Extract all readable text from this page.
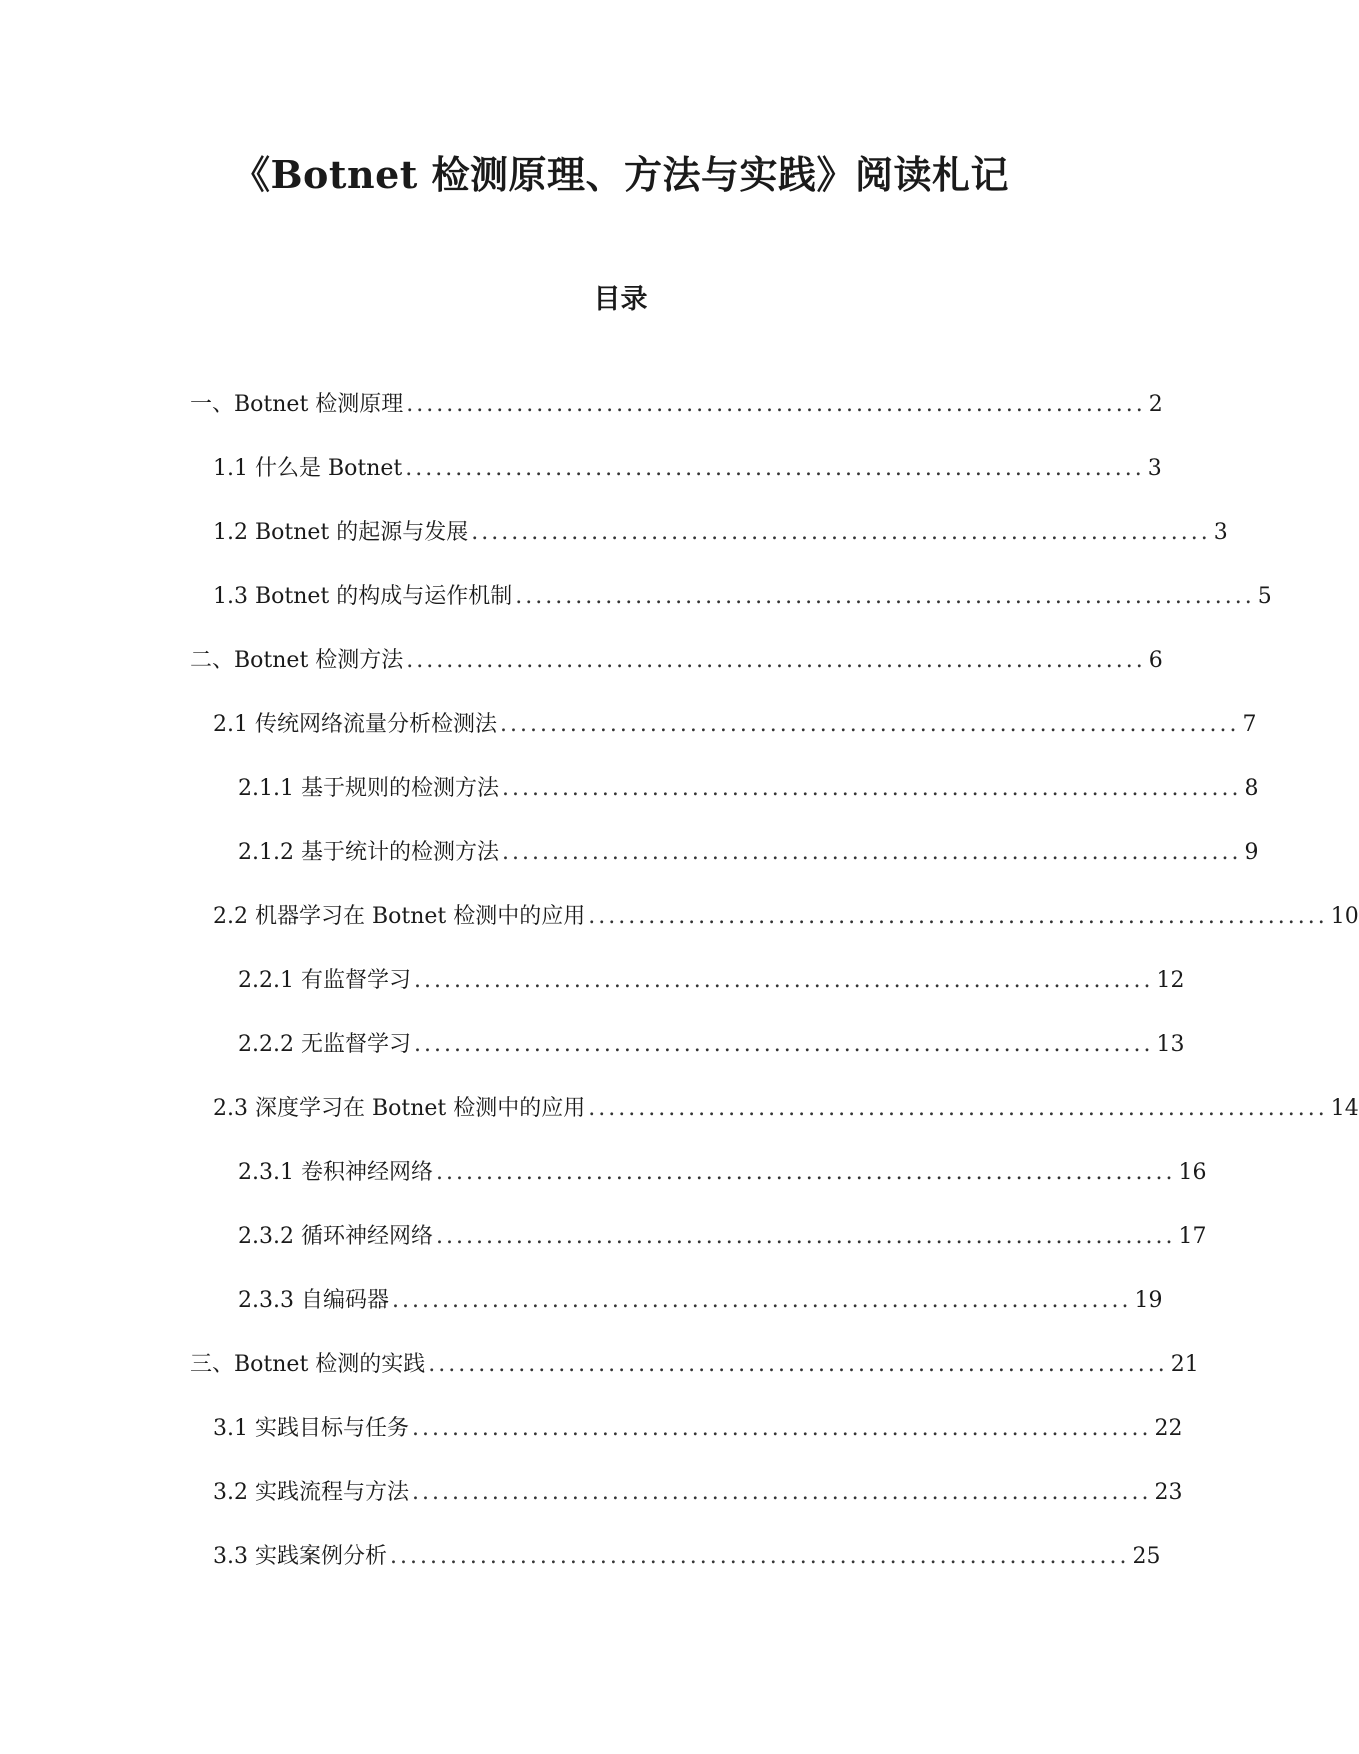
《Botnet 检测原理、方法与实践》阅读札记
目录
一、Botnet 检测原理 .......................................................................... 2
1.1 什么是 Botnet .......................................................................... 3
1.2 Botnet 的起源与发展 .......................................................................... 3
1.3 Botnet 的构成与运作机制 .......................................................................... 5
二、Botnet 检测方法 .......................................................................... 6
2.1 传统网络流量分析检测法 .......................................................................... 7
2.1.1 基于规则的检测方法 .......................................................................... 8
2.1.2 基于统计的检测方法 .......................................................................... 9
2.2 机器学习在 Botnet 检测中的应用 .......................................................................... 10
2.2.1 有监督学习 .......................................................................... 12
2.2.2 无监督学习 .......................................................................... 13
2.3 深度学习在 Botnet 检测中的应用 .......................................................................... 14
2.3.1 卷积神经网络 .......................................................................... 16
2.3.2 循环神经网络 .......................................................................... 17
2.3.3 自编码器 .......................................................................... 19
三、Botnet 检测的实践 .......................................................................... 21
3.1 实践目标与任务 .......................................................................... 22
3.2 实践流程与方法 .......................................................................... 23
3.3 实践案例分析 .......................................................................... 25
